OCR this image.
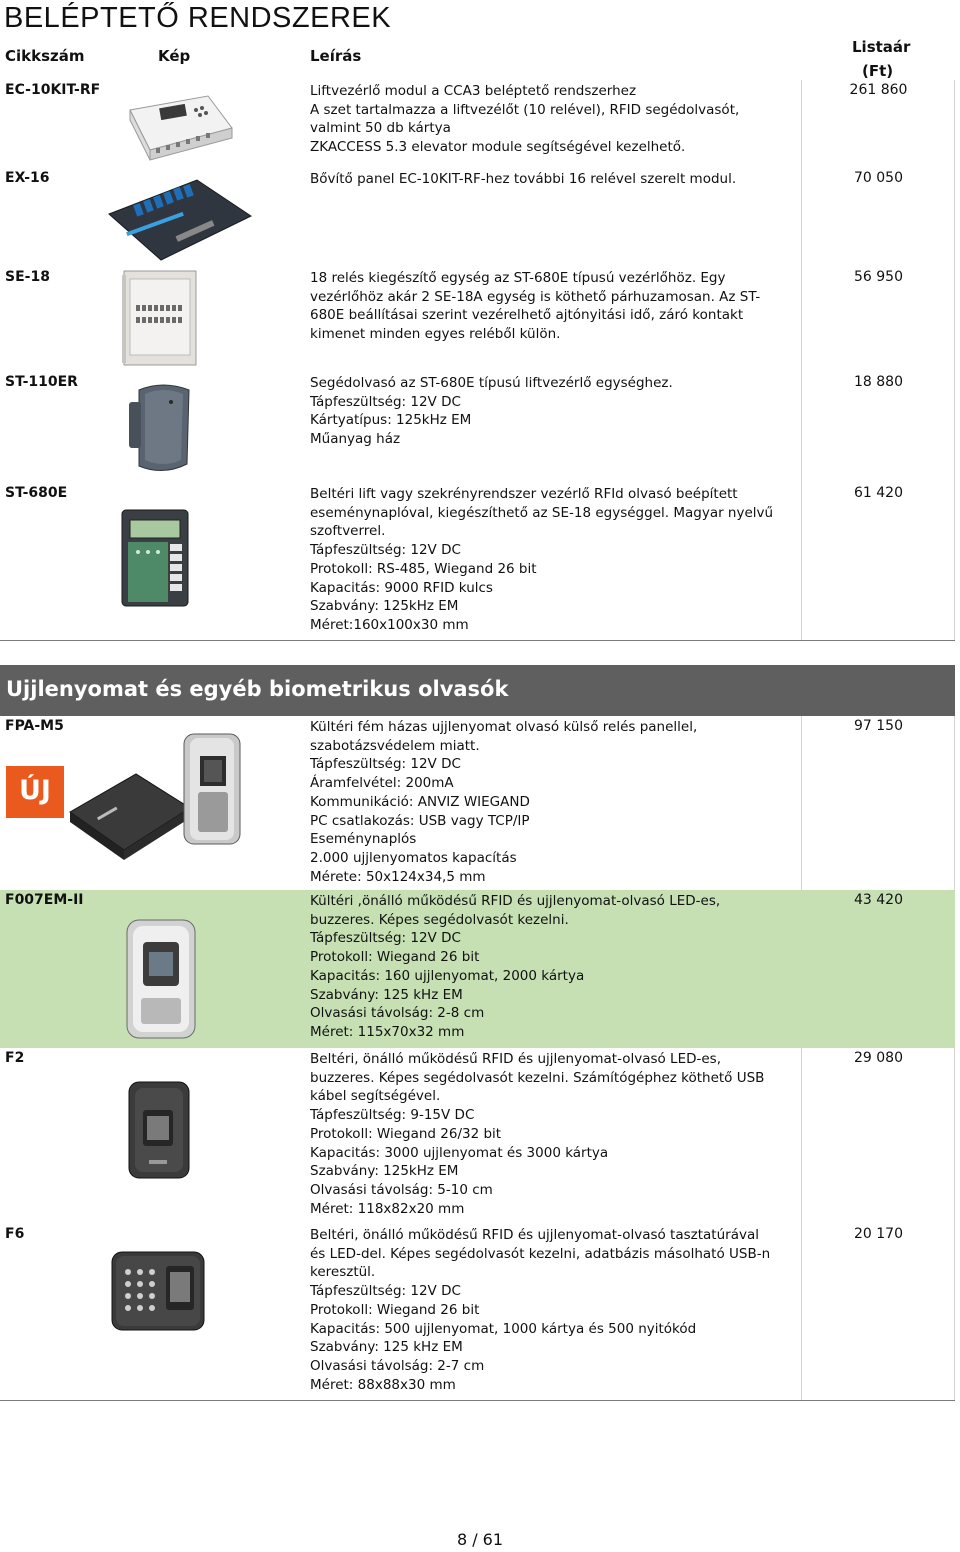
BELÉPTETŐ RENDSZEREK
Cikkszám	Kép	Leírás	Listaár
(Ft)
EC-10KIT-RF	Liftvezérlő modul a CCA3 beléptető rendszerhez
A szet tartalmazza a liftvezélőt (10 relével), RFID segédolvasót,
valmint 50 db kártya
ZKACCESS 5.3 elevator module segítségével kezelhető.
261 860
EX-16	Bővítő panel EC-10KIT-RF-hez további 16 relével szerelt modul.	70 050
SE-18	18 relés kiegészítő egység az ST-680E típusú vezérlőhöz. Egy
vezérlőhöz akár 2 SE-18A egység is köthető párhuzamosan. Az ST-
680E beállításai szerint vezérelhető ajtónyitási idő, záró kontakt
kimenet minden egyes reléből külön.
56 950
ST-110ER	Segédolvasó az ST-680E típusú liftvezérlő egységhez.
Tápfeszültség: 12V DC
Kártyatípus: 125kHz EM
Műanyag ház
18 880
ST-680E	Beltéri lift vagy szekrényrendszer vezérlő RFId olvasó beépített
eseménynaplóval, kiegészíthető az SE-18 egységgel. Magyar nyelvű
szoftverrel.
Tápfeszültség: 12V DC
Protokoll: RS-485, Wiegand 26 bit
Kapacitás: 9000 RFID kulcs
Szabvány: 125kHz EM
Méret:160x100x30 mm
61 420
Ujjlenyomat és egyéb biometrikus olvasók
FPA-M5	Kültéri fém házas ujjlenyomat olvasó külső relés panellel,
szabotázsvédelem miatt.
Tápfeszültség: 12V DC
Áramfelvétel: 200mA
Kommunikáció: ANVIZ WIEGAND
PC csatlakozás: USB vagy TCP/IP
Eseménynaplós
2.000 ujjlenyomatos kapacítás
Mérete: 50x124x34,5 mm
97 150
ÚJ
F007EM-II	Kültéri ,önálló működésű RFID és ujjlenyomat-olvasó LED-es,
buzzeres. Képes segédolvasót kezelni.
Tápfeszültség: 12V DC
Protokoll: Wiegand 26 bit
Kapacitás: 160 ujjlenyomat, 2000 kártya
Szabvány: 125 kHz EM
Olvasási távolság: 2-8 cm
Méret: 115x70x32 mm
43 420
F2	Beltéri, önálló működésű RFID és ujjlenyomat-olvasó LED-es,
buzzeres. Képes segédolvasót kezelni. Számítógéphez köthető USB
kábel segítségével.
Tápfeszültség: 9-15V DC
Protokoll: Wiegand 26/32 bit
Kapacitás: 3000 ujjlenyomat és 3000 kártya
Szabvány: 125kHz EM
Olvasási távolság: 5-10 cm
Méret: 118x82x20 mm
29 080
F6	Beltéri, önálló működésű RFID és ujjlenyomat-olvasó tasztatúrával
és LED-del. Képes segédolvasót kezelni, adatbázis másolható USB-n
keresztül.
Tápfeszültség: 12V DC
Protokoll: Wiegand 26 bit
Kapacitás: 500 ujjlenyomat, 1000 kártya és 500 nyitókód
Szabvány: 125 kHz EM
Olvasási távolság: 2-7 cm
Méret: 88x88x30 mm
20 170
8 / 61
